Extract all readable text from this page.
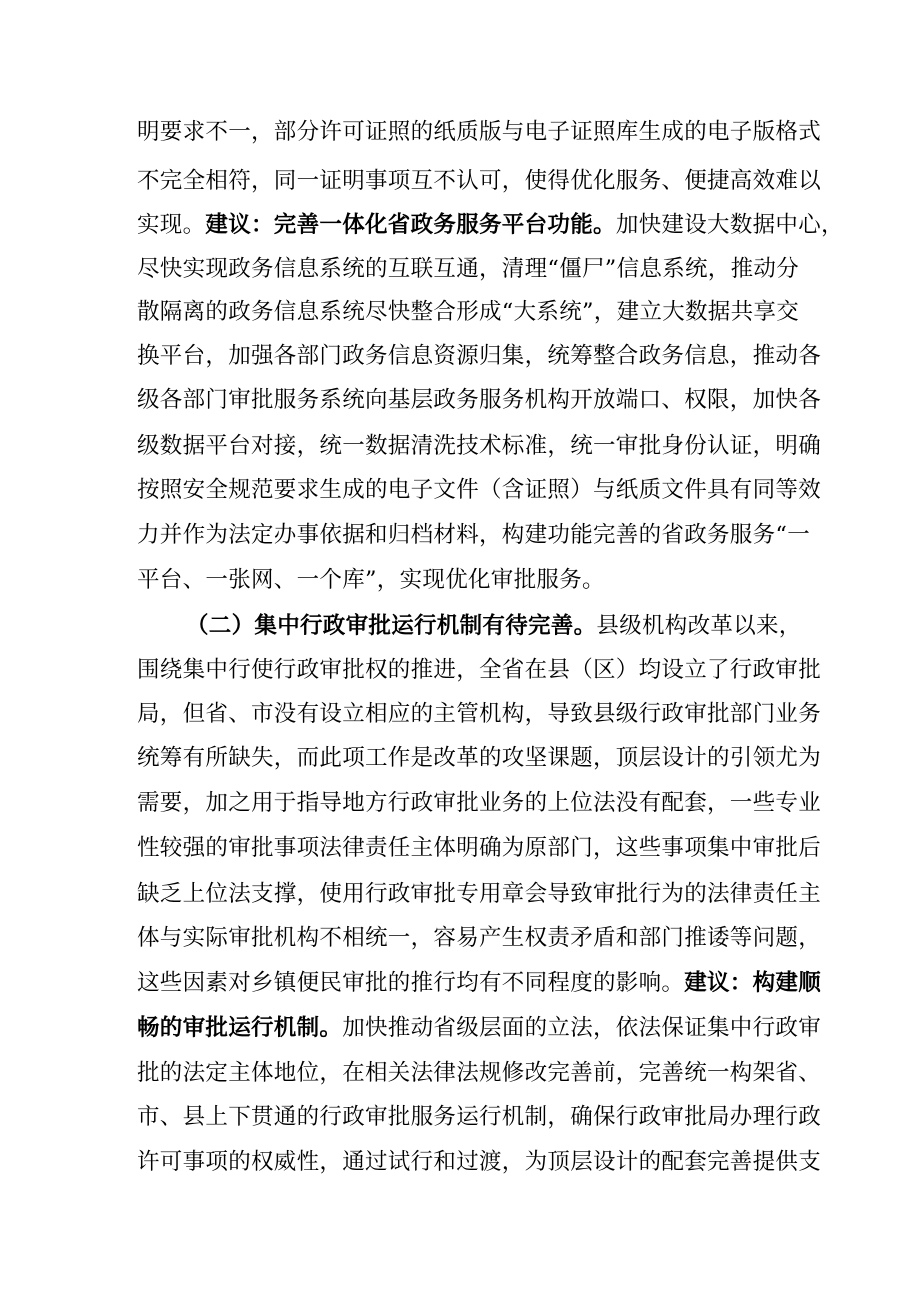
明要求不一，部分许可证照的纸质版与电子证照库生成的电子版格式
不完全相符，同一证明事项互不认可，使得优化服务、便捷高效难以
实现。建议：完善一体化省政务服务平台功能。加快建设大数据中心，
尽快实现政务信息系统的互联互通，清理“僵尸”信息系统，推动分
散隔离的政务信息系统尽快整合形成“大系统”，建立大数据共享交
换平台，加强各部门政务信息资源归集，统筹整合政务信息，推动各
级各部门审批服务系统向基层政务服务机构开放端口、权限，加快各
级数据平台对接，统一数据清洗技术标准，统一审批身份认证，明确
按照安全规范要求生成的电子文件（含证照）与纸质文件具有同等效
力并作为法定办事依据和归档材料，构建功能完善的省政务服务“一
平台、一张网、一个库”，实现优化审批服务。
（二）集中行政审批运行机制有待完善。县级机构改革以来，
围绕集中行使行政审批权的推进，全省在县（区）均设立了行政审批
局，但省、市没有设立相应的主管机构，导致县级行政审批部门业务
统筹有所缺失，而此项工作是改革的攻坚课题，顶层设计的引领尤为
需要，加之用于指导地方行政审批业务的上位法没有配套，一些专业
性较强的审批事项法律责任主体明确为原部门，这些事项集中审批后
缺乏上位法支撑，使用行政审批专用章会导致审批行为的法律责任主
体与实际审批机构不相统一，容易产生权责矛盾和部门推诿等问题，
这些因素对乡镇便民审批的推行均有不同程度的影响。建议：构建顺
畅的审批运行机制。加快推动省级层面的立法，依法保证集中行政审
批的法定主体地位，在相关法律法规修改完善前，完善统一构架省、
市、县上下贯通的行政审批服务运行机制，确保行政审批局办理行政
许可事项的权威性，通过试行和过渡，为顶层设计的配套完善提供支
